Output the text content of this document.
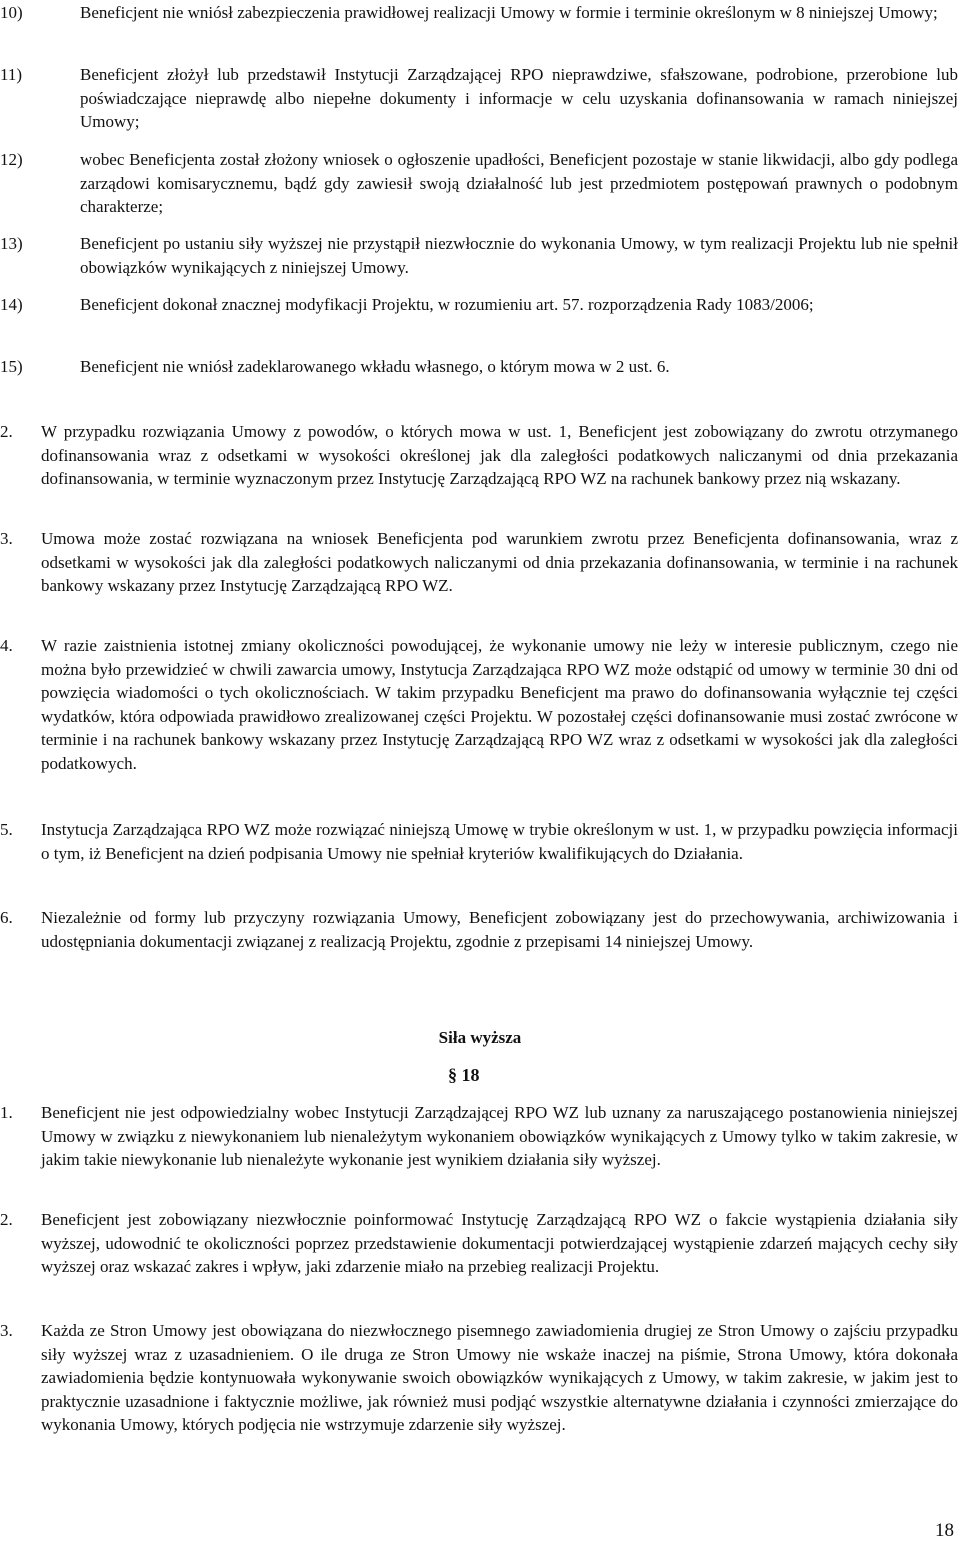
10)	Beneficjent nie wniósł zabezpieczenia prawidłowej realizacji Umowy w formie i terminie określonym w 8 niniejszej Umowy;
11)	Beneficjent złożył lub przedstawił Instytucji Zarządzającej RPO nieprawdziwe, sfałszowane, podrobione, przerobione lub poświadczające nieprawdę albo niepełne dokumenty i informacje w celu uzyskania dofinansowania w ramach niniejszej Umowy;
12)	wobec Beneficjenta został złożony wniosek o ogłoszenie upadłości, Beneficjent pozostaje w stanie likwidacji, albo gdy podlega zarządowi komisarycznemu, bądź gdy zawiesił swoją działalność lub jest przedmiotem postępowań prawnych o podobnym charakterze;
13)	Beneficjent po ustaniu siły wyższej nie przystąpił niezwłocznie do wykonania Umowy, w tym realizacji Projektu lub nie spełnił obowiązków wynikających z niniejszej Umowy.
14)	Beneficjent dokonał znacznej modyfikacji Projektu, w rozumieniu art. 57. rozporządzenia Rady 1083/2006;
15)	Beneficjent nie wniósł zadeklarowanego wkładu własnego, o którym mowa w 2 ust. 6.
2.	W przypadku rozwiązania Umowy z powodów, o których mowa w ust. 1, Beneficjent jest zobowiązany do zwrotu otrzymanego dofinansowania wraz z odsetkami w wysokości określonej jak dla zaległości podatkowych naliczanymi od dnia przekazania dofinansowania, w terminie wyznaczonym przez Instytucję Zarządzającą RPO WZ na rachunek bankowy przez nią wskazany.
3.	Umowa może zostać rozwiązana na wniosek Beneficjenta pod warunkiem zwrotu przez Beneficjenta dofinansowania, wraz z odsetkami w wysokości jak dla zaległości podatkowych naliczanymi od dnia przekazania dofinansowania, w terminie i na rachunek bankowy wskazany przez Instytucję Zarządzającą RPO WZ.
4.	W razie zaistnienia istotnej zmiany okoliczności powodującej, że wykonanie umowy nie leży w interesie publicznym, czego nie można było przewidzieć w chwili zawarcia umowy, Instytucja Zarządzająca RPO WZ może odstąpić od umowy w terminie 30 dni od powzięcia wiadomości o tych okolicznościach. W takim przypadku Beneficjent ma prawo do dofinansowania wyłącznie tej części wydatków, która odpowiada prawidłowo zrealizowanej części Projektu. W pozostałej części dofinansowanie musi zostać zwrócone w terminie i na rachunek bankowy wskazany przez Instytucję Zarządzającą RPO WZ wraz z odsetkami w wysokości jak dla zaległości podatkowych.
5.	Instytucja Zarządzająca RPO WZ może rozwiązać niniejszą Umowę w trybie określonym w ust. 1, w przypadku powzięcia informacji o tym, iż Beneficjent na dzień podpisania Umowy nie spełniał kryteriów kwalifikujących do Działania.
6.	Niezależnie od formy lub przyczyny rozwiązania Umowy, Beneficjent zobowiązany jest do przechowywania, archiwizowania i udostępniania dokumentacji związanej z realizacją Projektu, zgodnie z przepisami 14 niniejszej Umowy.
Siła wyższa
§ 18
1.	Beneficjent nie jest odpowiedzialny wobec Instytucji Zarządzającej RPO WZ lub uznany za naruszającego postanowienia niniejszej Umowy w związku z niewykonaniem lub nienależytym wykonaniem obowiązków wynikających z Umowy tylko w takim zakresie, w jakim takie niewykonanie lub nienależyte wykonanie jest wynikiem działania siły wyższej.
2.	Beneficjent jest zobowiązany niezwłocznie poinformować Instytucję Zarządzającą RPO WZ o fakcie wystąpienia działania siły wyższej, udowodnić te okoliczności poprzez przedstawienie dokumentacji potwierdzającej wystąpienie zdarzeń mających cechy siły wyższej oraz wskazać zakres i wpływ, jaki zdarzenie miało na przebieg realizacji Projektu.
3.	Każda ze Stron Umowy jest obowiązana do niezwłocznego pisemnego zawiadomienia drugiej ze Stron Umowy o zajściu przypadku siły wyższej wraz z uzasadnieniem. O ile druga ze Stron Umowy nie wskaże inaczej na piśmie, Strona Umowy, która dokonała zawiadomienia będzie kontynuowała wykonywanie swoich obowiązków wynikających z Umowy, w takim zakresie, w jakim jest to praktycznie uzasadnione i faktycznie możliwe, jak również musi podjąć wszystkie alternatywne działania i czynności zmierzające do wykonania Umowy, których podjęcia nie wstrzymuje zdarzenie siły wyższej.
18
